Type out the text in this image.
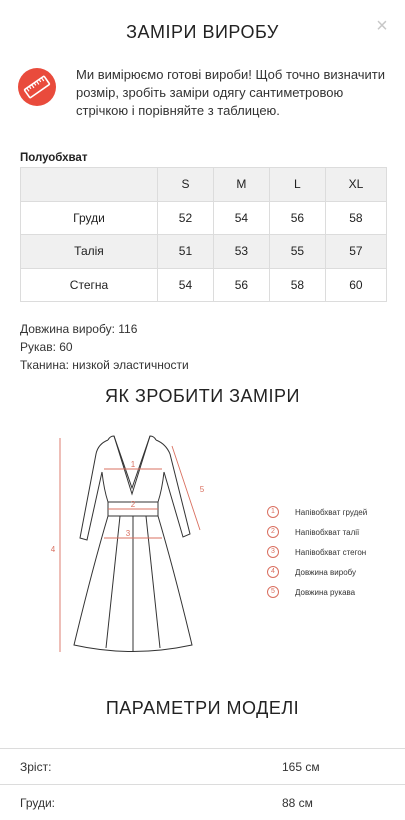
ЗАМІРИ ВИРОБУ	×
Ми вимірюємо готові вироби! Щоб точно визначити розмір, зробіть заміри одягу сантиметровою стрічкою і порівняйте з таблицею.
Полуобхват
	S	M	L	XL
Груди	52	54	56	58
Талія	51	53	55	57
Стегна	54	56	58	60
Довжина виробу: 116
Рукав: 60
Тканина: низкой эластичности
ЯК ЗРОБИТИ ЗАМІРИ
1
2
3
4
5
1	Напівобхват грудей
2	Напівобхват талії
3	Напівобхват стегон
4	Довжина виробу
5	Довжина рукава
ПАРАМЕТРИ МОДЕЛІ
Зріст:	165 см
Груди:	88 см
